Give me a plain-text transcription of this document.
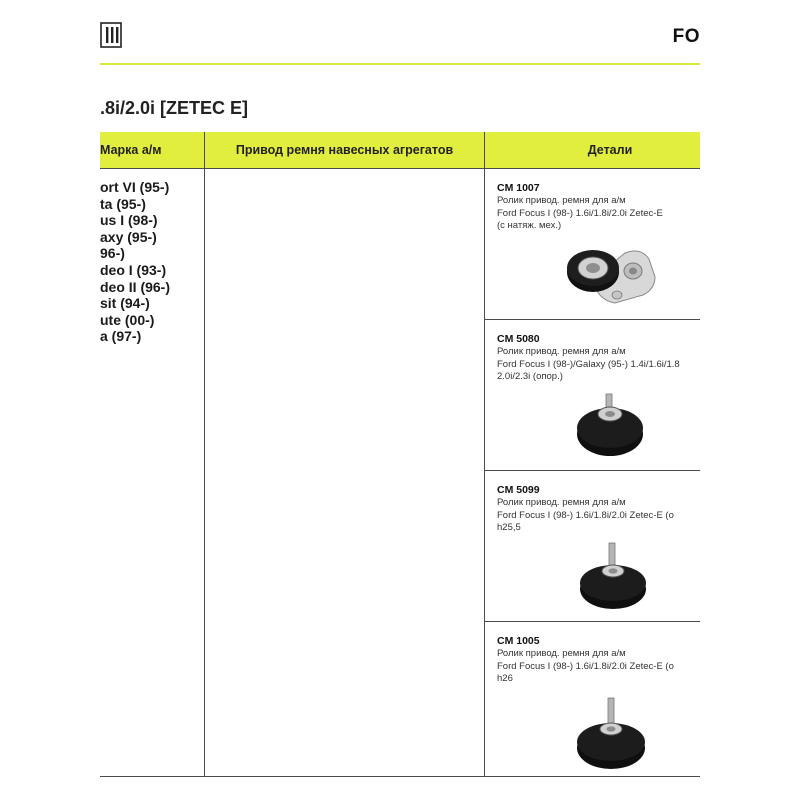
FO
.8i/2.0i [ZETEC E]
Марка а/м	Привод ремня навесных агрегатов	Детали
ort VI (95-)
ta (95-)
us I (98-)
axy (95-)
96-)
deo I (93-)
deo II (96-)
sit (94-)
ute (00-)
a (97-)
CM 1007
Ролик привод. ремня для а/м
Ford Focus I (98-) 1.6i/1.8i/2.0i Zetec-E
(с натяж. мех.)
CM 5080
Ролик привод. ремня для а/м
Ford Focus I (98-)/Galaxy (95-) 1.4i/1.6i/1.8
2.0i/2.3i (опор.)
CM 5099
Ролик привод. ремня для а/м
Ford Focus I (98-) 1.6i/1.8i/2.0i Zetec-E (о
h25,5
CM 1005
Ролик привод. ремня для а/м
Ford Focus I (98-) 1.6i/1.8i/2.0i Zetec-E (о
h26
